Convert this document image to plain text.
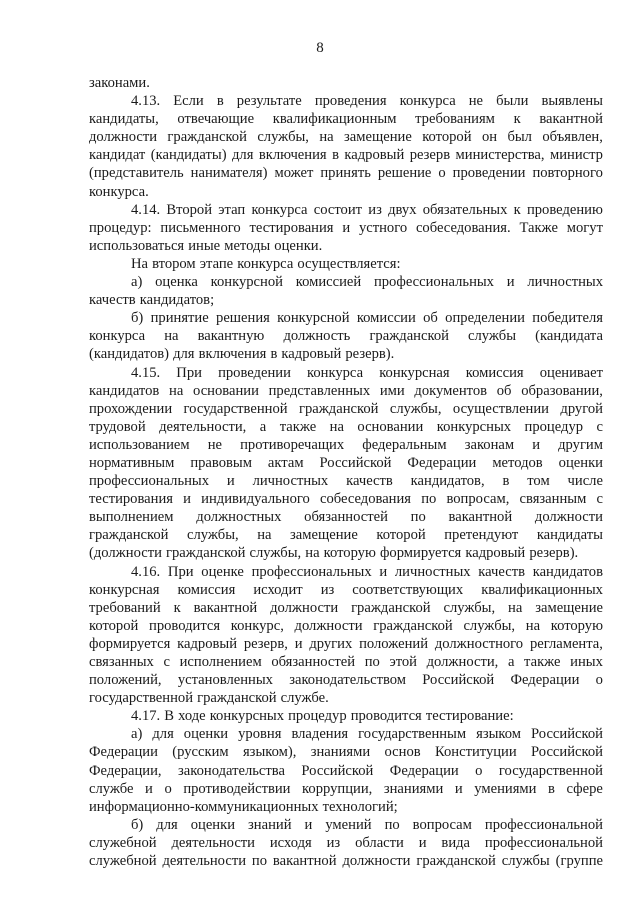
8
законами.
4.13. Если в результате проведения конкурса не были выявлены
кандидаты, отвечающие квалификационным требованиям к вакантной
должности гражданской службы, на замещение которой он был объявлен,
кандидат (кандидаты) для включения в кадровый резерв министерства, министр
(представитель нанимателя) может принять решение о проведении повторного
конкурса.
4.14. Второй этап конкурса состоит из двух обязательных к проведению
процедур: письменного тестирования и устного собеседования. Также могут
использоваться иные методы оценки.
На втором этапе конкурса осуществляется:
а) оценка конкурсной комиссией профессиональных и личностных
качеств кандидатов;
б) принятие решения конкурсной комиссии об определении победителя
конкурса на вакантную должность гражданской службы (кандидата
(кандидатов) для включения в кадровый резерв).
4.15. При проведении конкурса конкурсная комиссия оценивает
кандидатов на основании представленных ими документов об образовании,
прохождении государственной гражданской службы, осуществлении другой
трудовой деятельности, а также на основании конкурсных процедур с
использованием не противоречащих федеральным законам и другим
нормативным правовым актам Российской Федерации методов оценки
профессиональных и личностных качеств кандидатов, в том числе
тестирования и индивидуального собеседования по вопросам, связанным с
выполнением должностных обязанностей по вакантной должности
гражданской службы, на замещение которой претендуют кандидаты
(должности гражданской службы, на которую формируется кадровый резерв).
4.16. При оценке профессиональных и личностных качеств кандидатов
конкурсная комиссия исходит из соответствующих квалификационных
требований к вакантной должности гражданской службы, на замещение
которой проводится конкурс, должности гражданской службы, на которую
формируется кадровый резерв, и других положений должностного регламента,
связанных с исполнением обязанностей по этой должности, а также иных
положений, установленных законодательством Российской Федерации о
государственной гражданской службе.
4.17. В ходе конкурсных процедур проводится тестирование:
а) для оценки уровня владения государственным языком Российской
Федерации (русским языком), знаниями основ Конституции Российской
Федерации, законодательства Российской Федерации о государственной
службе и о противодействии коррупции, знаниями и умениями в сфере
информационно-коммуникационных технологий;
б) для оценки знаний и умений по вопросам профессиональной
служебной деятельности исходя из области и вида профессиональной
служебной деятельности по вакантной должности гражданской службы (группе
